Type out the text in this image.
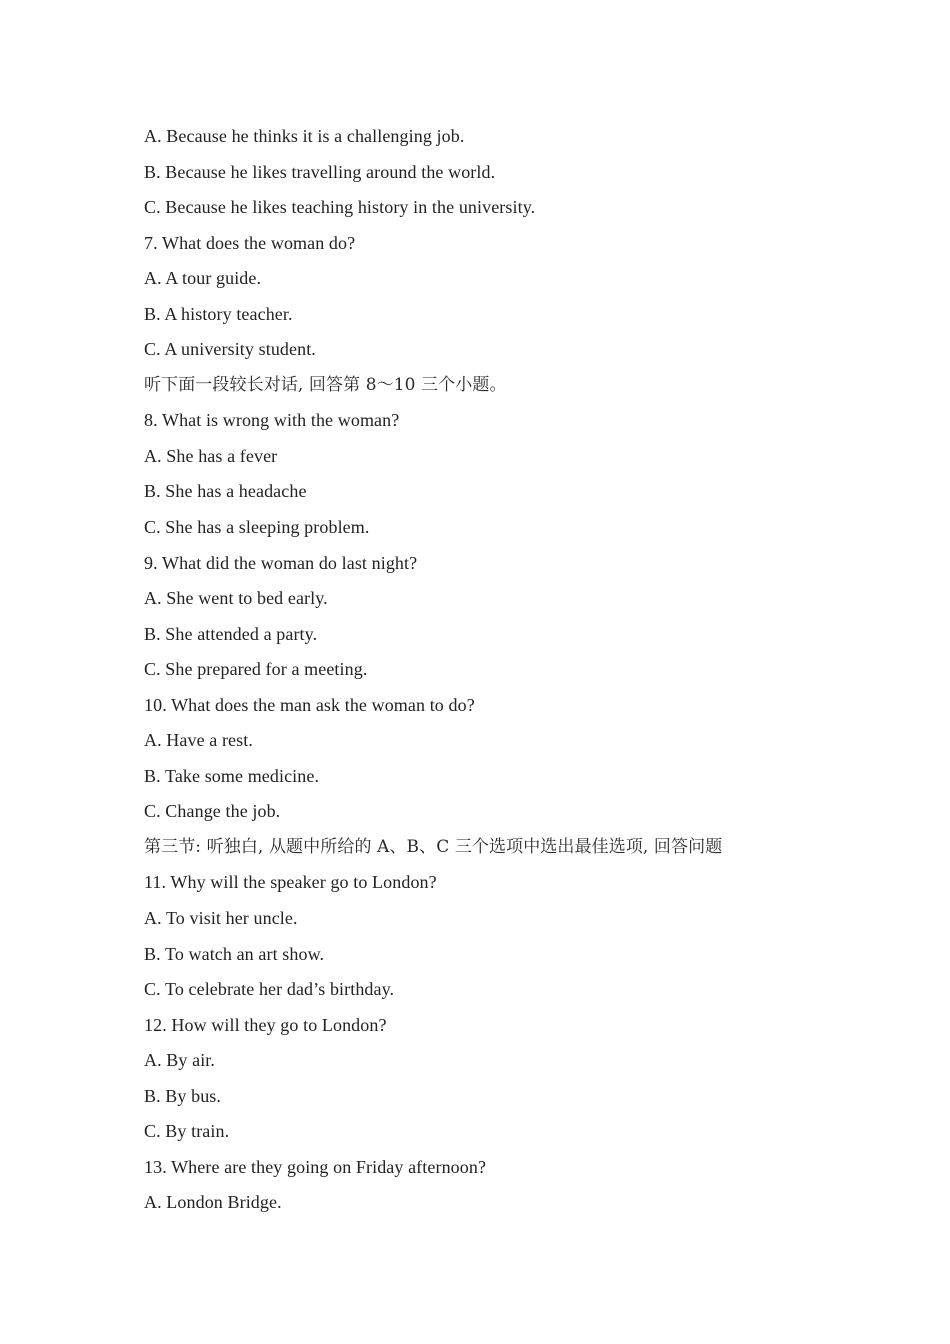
A. Because he thinks it is a challenging job.
B. Because he likes travelling around the world.
C. Because he likes teaching history in the university.
7. What does the woman do?
A. A tour guide.
B. A history teacher.
C. A university student.
听下面一段较长对话, 回答第 8～10 三个小题。
8. What is wrong with the woman?
A. She has a fever
B. She has a headache
C. She has a sleeping problem.
9. What did the woman do last night?
A. She went to bed early.
B. She attended a party.
C. She prepared for a meeting.
10. What does the man ask the woman to do?
A. Have a rest.
B. Take some medicine.
C. Change the job.
第三节: 听独白, 从题中所给的 A、B、C 三个选项中选出最佳选项, 回答问题
11. Why will the speaker go to London?
A. To visit her uncle.
B. To watch an art show.
C. To celebrate her dad’s birthday.
12. How will they go to London?
A. By air.
B. By bus.
C. By train.
13. Where are they going on Friday afternoon?
A. London Bridge.
